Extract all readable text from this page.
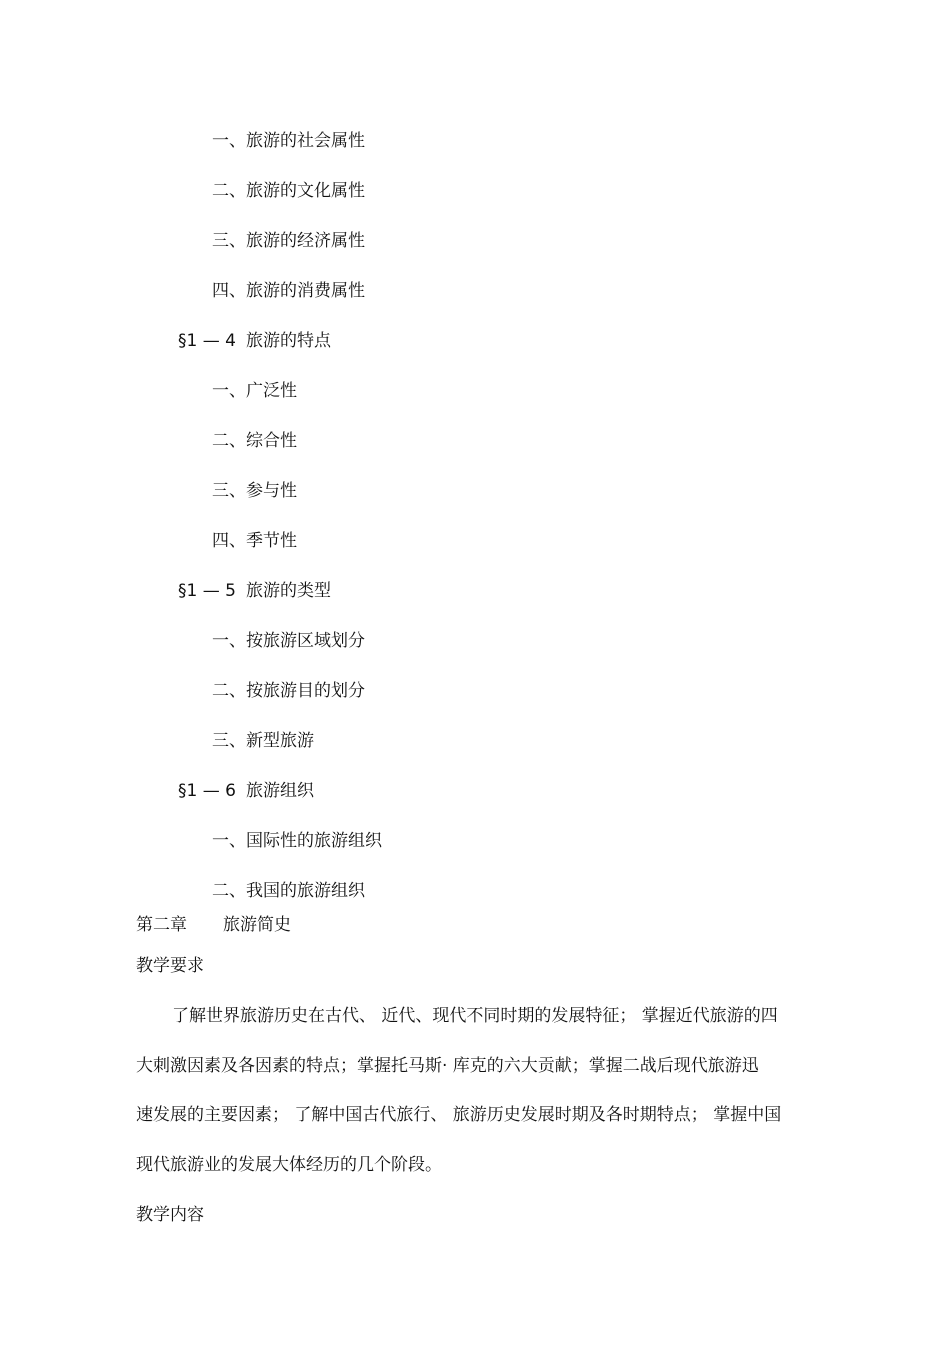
一、旅游的社会属性
二、旅游的文化属性
三、旅游的经济属性
四、旅游的消费属性
§1 — 4 旅游的特点
一、广泛性
二、综合性
三、参与性
四、季节性
§1 — 5 旅游的类型
一、按旅游区域划分
二、按旅游目的划分
三、新型旅游
§1 — 6 旅游组织
一、国际性的旅游组织
二、我国的旅游组织
第二章 旅游简史
教学要求
了解世界旅游历史在古代、 近代、现代不同时期的发展特征； 掌握近代旅游的四
大刺激因素及各因素的特点；掌握托马斯· 库克的六大贡献；掌握二战后现代旅游迅
速发展的主要因素； 了解中国古代旅行、 旅游历史发展时期及各时期特点； 掌握中国
现代旅游业的发展大体经历的几个阶段。
教学内容
